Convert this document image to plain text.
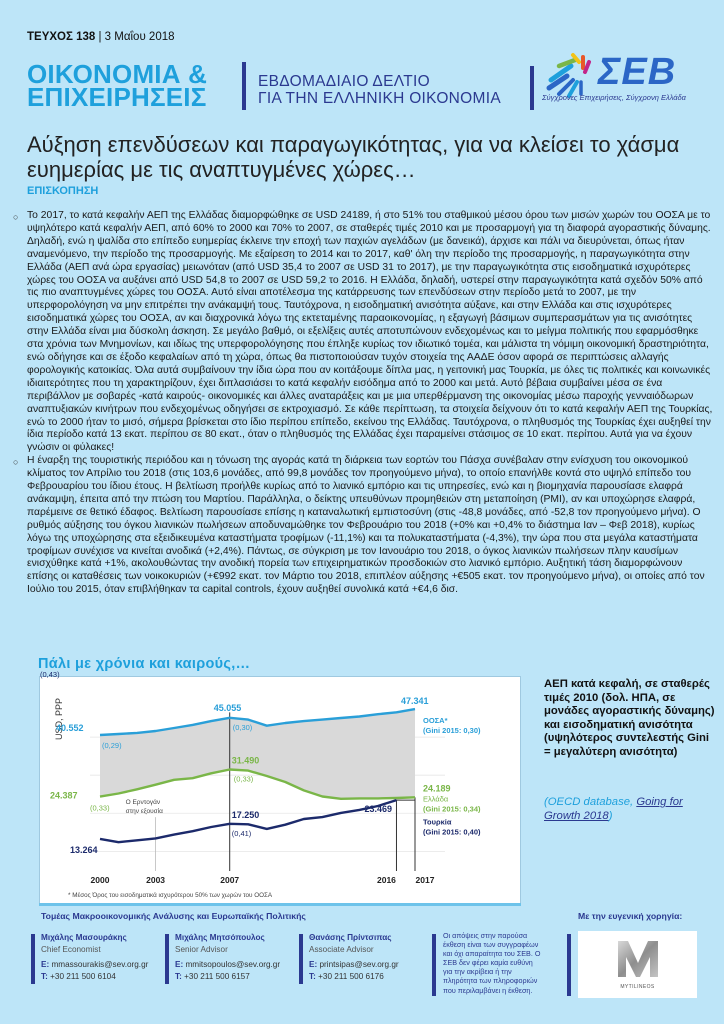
ΤΕΥΧΟΣ 138 | 3 Μαΐου 2018
ΟΙΚΟΝΟΜΙΑ &
ΕΠΙΧΕΙΡΗΣΕΙΣ
ΕΒΔΟΜΑΔΙΑΙΟ ΔΕΛΤΙΟ
ΓΙΑ ΤΗΝ ΕΛΛΗΝΙΚΗ ΟΙΚΟΝΟΜΙΑ
ΣΕΒ
Σύγχρονες Επιχειρήσεις, Σύγχρονη Ελλάδα
Αύξηση επενδύσεων και παραγωγικότητας, για να κλείσει το χάσμα ευημερίας με τις αναπτυγμένες χώρες…
ΕΠΙΣΚΟΠΗΣΗ
○ Το 2017, το κατά κεφαλήν ΑΕΠ της Ελλάδας διαμορφώθηκε σε USD 24189, ή στο 51% του σταθμικού μέσου όρου των μισών χωρών του ΟΟΣΑ με το υψηλότερο κατά κεφαλήν ΑΕΠ, από 60% το 2000 και 70% το 2007, σε σταθερές τιμές 2010 και με προσαρμογή για τη διαφορά αγοραστικής δύναμης. Δηλαδή, ενώ η ψαλίδα στο επίπεδο ευημερίας έκλεινε την εποχή των παχιών αγελάδων (με δανεικά), άρχισε και πάλι να διευρύνεται, όπως ήταν αναμενόμενο, την περίοδο της προσαρμογής. Με εξαίρεση το 2014 και το 2017, καθ' όλη την περίοδο της προσαρμογής, η παραγωγικότητα στην Ελλάδα (ΑΕΠ ανά ώρα εργασίας) μειωνόταν (από USD 35,4 το 2007 σε USD 31 το 2017), με την παραγωγικότητα στις εισοδηματικά ισχυρότερες χώρες του ΟΟΣΑ να αυξάνει από USD 54,8 το 2007 σε USD 59,2 το 2016. Η Ελλάδα, δηλαδή, υστερεί στην παραγωγικότητα κατά σχεδόν 50% από τις πιο αναπτυγμένες χώρες του ΟΟΣΑ. Αυτό είναι αποτέλεσμα της κατάρρευσης των επενδύσεων στην περίοδο μετά το 2007, με την υπερφορολόγηση να μην επιτρέπει την ανάκαμψή τους. Ταυτόχρονα, η εισοδηματική ανισότητα αύξανε, και στην Ελλάδα και στις ισχυρότερες εισοδηματικά χώρες του ΟΟΣΑ, αν και διαχρονικά λόγω της εκτεταμένης παραοικονομίας, η εξαγωγή βάσιμων συμπερασμάτων για τις ανισότητες στην Ελλάδα είναι μια δύσκολη άσκηση. Σε μεγάλο βαθμό, οι εξελίξεις αυτές αποτυπώνουν ενδεχομένως και το μείγμα πολιτικής που εφαρμόσθηκε στα χρόνια των Μνημονίων, και ιδίως της υπερφορολόγησης που έπληξε κυρίως τον ιδιωτικό τομέα, και μάλιστα τη νόμιμη οικονομική δραστηριότητα, ενώ οδήγησε και σε έξοδο κεφαλαίων από τη χώρα, όπως θα πιστοποιούσαν τυχόν στοιχεία της ΑΑΔΕ όσον αφορά σε περιπτώσεις αλλαγής φορολογικής κατοικίας. Όλα αυτά συμβαίνουν την ίδια ώρα που αν κοιτάξουμε δίπλα μας, η γειτονική μας Τουρκία, με όλες τις πολιτικές και κοινωνικές ιδιαιτερότητες που τη χαρακτηρίζουν, έχει διπλασιάσει το κατά κεφαλήν εισόδημα από το 2000 και μετά. Αυτό βέβαια συμβαίνει μέσα σε ένα περιβάλλον με σοβαρές -κατά καιρούς- οικονομικές και άλλες αναταράξεις και με μια υπερθέρμανση της οικονομίας μέσω παροχής γενναιόδωρων αναπτυξιακών κινήτρων που ενδεχομένως οδηγήσει σε εκτροχιασμό. Σε κάθε περίπτωση, τα στοιχεία δείχνουν ότι το κατά κεφαλήν ΑΕΠ της Τουρκίας, ενώ το 2000 ήταν το μισό, σήμερα βρίσκεται στο ίδιο περίπου επίπεδο, εκείνου της Ελλάδας. Ταυτόχρονα, ο πληθυσμός της Τουρκίας έχει αυξηθεί την ίδια περίοδο κατά 13 εκατ. περίπου σε 80 εκατ., όταν ο πληθυσμός της Ελλάδας έχει παραμείνει στάσιμος σε 10 εκατ. περίπου. Αυτά για να έχουν γνώσιν οι φύλακες!
○ Η έναρξη της τουριστικής περιόδου και η τόνωση της αγοράς κατά τη διάρκεια των εορτών του Πάσχα συνέβαλαν στην ενίσχυση του οικονομικού κλίματος τον Απρίλιο του 2018 (στις 103,6 μονάδες, από 99,8 μονάδες τον προηγούμενο μήνα), το οποίο επανήλθε κοντά στο υψηλό επίπεδο του Φεβρουαρίου του ίδιου έτους. Η βελτίωση προήλθε κυρίως από το λιανικό εμπόριο και τις υπηρεσίες, ενώ και η βιομηχανία παρουσίασε ελαφρά ανάκαμψη, έπειτα από την πτώση του Μαρτίου. Παράλληλα, ο δείκτης υπευθύνων προμηθειών στη μεταποίηση (PMI), αν και υποχώρησε ελαφρά, παρέμεινε σε θετικό έδαφος. Βελτίωση παρουσίασε επίσης η καταναλωτική εμπιστοσύνη (στις -48,8 μονάδες, από -52,8 τον προηγούμενο μήνα). Ο ρυθμός αύξησης του όγκου λιανικών πωλήσεων αποδυναμώθηκε τον Φεβρουάριο του 2018 (+0% και +0,4% το διάστημα Ιαν – Φεβ 2018), κυρίως λόγω της υποχώρησης στα εξειδικευμένα καταστήματα τροφίμων (-11,1%) και τα πολυκαταστήματα (-4,3%), την ώρα που στα μεγάλα καταστήματα τροφίμων συνέχισε να κινείται ανοδικά (+2,4%). Πάντως, σε σύγκριση με τον Ιανουάριο του 2018, ο όγκος λιανικών πωλήσεων πλην καυσίμων ενισχύθηκε κατά +1%, ακολουθώντας την ανοδική πορεία των επιχειρηματικών προσδοκιών στο λιανικό εμπόριο. Αυξητική τάση διαμορφώνουν επίσης οι καταθέσεις των νοικοκυριών (+€992 εκατ. τον Μάρτιο του 2018, επιπλέον αύξησης +€505 εκατ. τον προηγούμενο μήνα), οι οποίες από τον Ιούλιο του 2015, όταν επιβλήθηκαν τα capital controls, έχουν αυξηθεί συνολικά κατά +€4,6 δισ.
Πάλι με χρόνια και καιρούς,…
USD, PPP
40.552
(0,29)
45.055
(0,30)
47.341
24.387
(0,33)
31.490
(0,33)
13.264
(0,43)
17.250
(0,41)
23.469
ΟΟΣΑ*
(Gini 2015: 0,30)
24.189
Ελλάδα
(Gini 2015: 0,34)
Τουρκία
(Gini 2015: 0,40)
Ο Ερντογάν
στην εξουσία
2000	2003	2007	2016 2017
* Μέσος Όρος του εισοδηματικά ισχυρότερου 50% των χωρών του ΟΟΣΑ
ΑΕΠ κατά κεφαλή, σε σταθερές τιμές 2010 (δολ. ΗΠΑ, σε μονάδες αγοραστικής δύναμης) και εισοδηματική ανισότητα (υψηλότερος συντελεστής Gini = μεγαλύτερη ανισότητα)
(OECD database, Going for Growth 2018)
Τομέας Μακροοικονομικής Ανάλυσης και Ευρωπαϊκής Πολιτικής	Με την ευγενική χορηγία:
Μιχάλης Μασουράκης
Chief Economist
E: mmassourakis@sev.org.gr
T: +30 211 500 6104
Μιχάλης Μητσόπουλος
Senior Advisor
E: mmitsopoulos@sev.org.gr
T: +30 211 500 6157
Θανάσης Πρίντσιπας
Associate Advisor
E: printsipas@sev.org.gr
T: +30 211 500 6176
Οι απόψεις στην παρούσα έκθεση είναι των συγγραφέων και όχι απαραίτητα του ΣΕΒ. Ο ΣΕΒ δεν φέρει καμία ευθύνη για την ακρίβεια ή την πληρότητα των πληροφοριών που περιλαμβάνει η έκθεση.	MYTILINEOS
